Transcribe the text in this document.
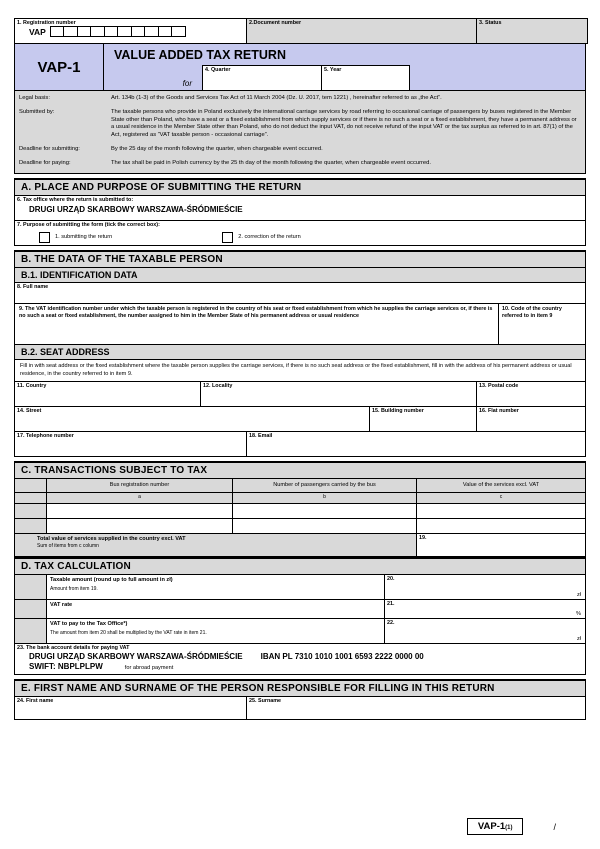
1. Registration number
VAP
2.Document number	3. Status
VAP-1
VALUE ADDED TAX RETURN
for
4. Quarter	5. Year
Legal basis:	Art. 134b (1-3) of the Goods and Services Tax Act of 11 March 2004 (Dz. U. 2017, tem 1221) , hereinafter referred to as „the Act”.
Submitted by:	The taxable persons who provide in Poland exclusively the international carriage services by road referring to occasional carriage of passengers by buses registered in the Member State other than Poland, who have a seat or a fixed establishment from which supply services or if there is no such a seat or a fixed establishment, they have a permanent address or a usual residence in the Member State other than Poland, who do not deduct the input VAT, do not receive refund of the input VAT or the tax surplus as referred to in art. 87(1) of the Act, registered as “VAT taxable person - occasional carriage”.
Deadline for submitting:	By the 25 day of the month following the quarter, when chargeable event occurred.
Deadline for paying:	The tax shall be paid in Polish currency by the 25 th day of the month following the quarter, when chargeable event occurred.
A. PLACE AND PURPOSE OF SUBMITTING THE RETURN
6. Tax office where the return is submitted to:
DRUGI URZĄD SKARBOWY WARSZAWA-ŚRÓDMIEŚCIE
7. Purpose of submitting the form (tick the correct box):
1. submitting the return	2. correction of the return
B. THE DATA OF THE TAXABLE PERSON
B.1. IDENTIFICATION DATA
8. Full name
9. The VAT identification number under which the taxable person is registered in the country of his seat or fixed establishment from which he supplies the carriage services or, if there is no such a seat or fixed establishment, the number assigned to him in the Member State of his permanent address or usual residence
10. Code of the country referred to in item 9
B.2. SEAT ADDRESS
Fill in with seat address or the fixed establishment where the taxable person supplies the carriage services, if there is no such seat address or the fixed establishment, fill in with the address of his permanent address or usual residence, in the country referred to in item 9.
11. Country	12. Locality	13. Postal code
14. Street	15. Building number	16. Flat number
17. Telephone number	18. Email
C. TRANSACTIONS SUBJECT TO TAX
Bus registration number	Number of passengers carried by the bus	Value of the services excl. VAT
a	b	c
Total value of services supplied in the country excl. VAT
Sum of items from c column
19.
D. TAX CALCULATION
Taxable amount (round up to full amount in zł)
Amount from item 19.
20.
zł
VAT rate	21.
%
VAT to pay to the Tax Office*)
The amount from item 20 shall be multiplied by the VAT rate in item 21.
22.
zł
23. The bank account details for paying VAT
DRUGI URZĄD SKARBOWY WARSZAWA-ŚRÓDMIEŚCIE IBAN PL 7310 1010 1001 6593 2222 0000 00
SWIFT: NBPLPLPW	for abroad payment
E. FIRST NAME AND SURNAME OF THE PERSON RESPONSIBLE FOR FILLING IN THIS RETURN
24. First name	25. Surname
VAP-1(1)	/
